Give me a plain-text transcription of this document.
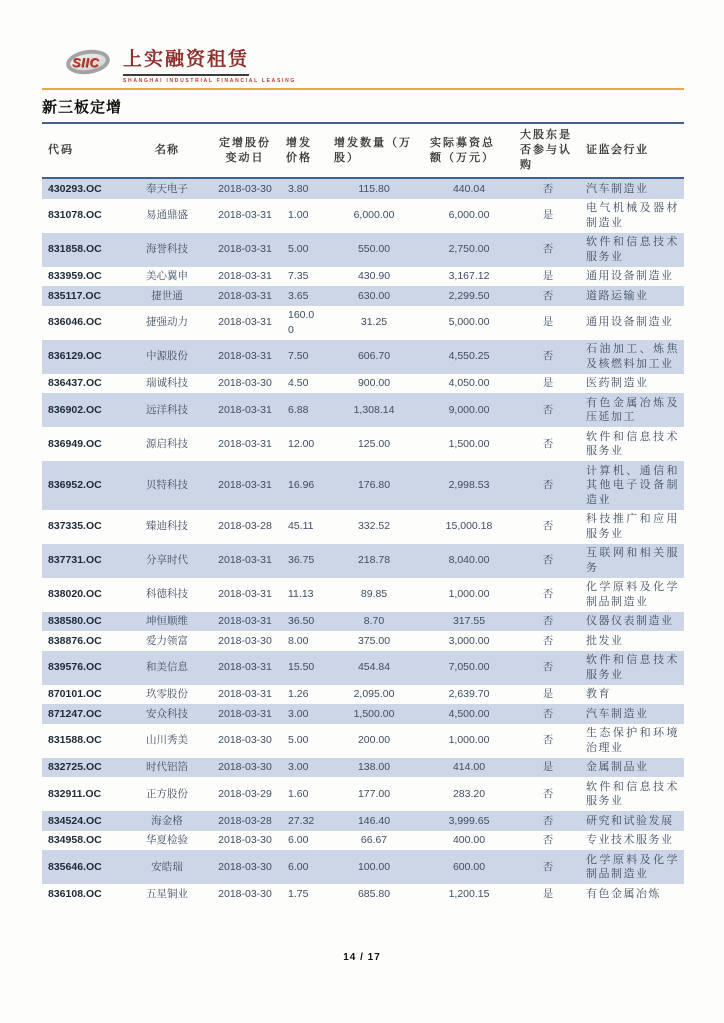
SIIC 上实融资租赁
SHANGHAI INDUSTRIAL FINANCIAL LEASING
新三板定增
代码	名称	定增股份变动日	增发价格	增发数量（万股）	实际募资总额（万元）	大股东是否参与认购	证监会行业
430293.OC	奉天电子	2018-03-30	3.80	115.80	440.04	否	汽车制造业
831078.OC	易通鼎盛	2018-03-31	1.00	6,000.00	6,000.00	是	电气机械及器材制造业
831858.OC	海誉科技	2018-03-31	5.00	550.00	2,750.00	否	软件和信息技术服务业
833959.OC	美心翼申	2018-03-31	7.35	430.90	3,167.12	是	通用设备制造业
835117.OC	捷世通	2018-03-31	3.65	630.00	2,299.50	否	道路运输业
836046.OC	捷强动力	2018-03-31	160.00	31.25	5,000.00	是	通用设备制造业
836129.OC	中源股份	2018-03-31	7.50	606.70	4,550.25	否	石油加工、炼焦及核燃料加工业
836437.OC	瑞诚科技	2018-03-30	4.50	900.00	4,050.00	是	医药制造业
836902.OC	远洋科技	2018-03-31	6.88	1,308.14	9,000.00	否	有色金属冶炼及压延加工
836949.OC	源启科技	2018-03-31	12.00	125.00	1,500.00	否	软件和信息技术服务业
836952.OC	贝特科技	2018-03-31	16.96	176.80	2,998.53	否	计算机、通信和其他电子设备制造业
837335.OC	臻迪科技	2018-03-28	45.11	332.52	15,000.18	否	科技推广和应用服务业
837731.OC	分享时代	2018-03-31	36.75	218.78	8,040.00	否	互联网和相关服务
838020.OC	科德科技	2018-03-31	11.13	89.85	1,000.00	否	化学原料及化学制品制造业
838580.OC	坤恒顺维	2018-03-31	36.50	8.70	317.55	否	仪器仪表制造业
838876.OC	爱力领富	2018-03-30	8.00	375.00	3,000.00	否	批发业
839576.OC	和美信息	2018-03-31	15.50	454.84	7,050.00	否	软件和信息技术服务业
870101.OC	玖零股份	2018-03-31	1.26	2,095.00	2,639.70	是	教育
871247.OC	安众科技	2018-03-31	3.00	1,500.00	4,500.00	否	汽车制造业
831588.OC	山川秀美	2018-03-30	5.00	200.00	1,000.00	否	生态保护和环境治理业
832725.OC	时代铝箔	2018-03-30	3.00	138.00	414.00	是	金属制品业
832911.OC	正方股份	2018-03-29	1.60	177.00	283.20	否	软件和信息技术服务业
834524.OC	海金格	2018-03-28	27.32	146.40	3,999.65	否	研究和试验发展
834958.OC	华夏检验	2018-03-30	6.00	66.67	400.00	否	专业技术服务业
835646.OC	安皓瑞	2018-03-30	6.00	100.00	600.00	否	化学原料及化学制品制造业
836108.OC	五星铜业	2018-03-30	1.75	685.80	1,200.15	是	有色金属冶炼
14 / 17
